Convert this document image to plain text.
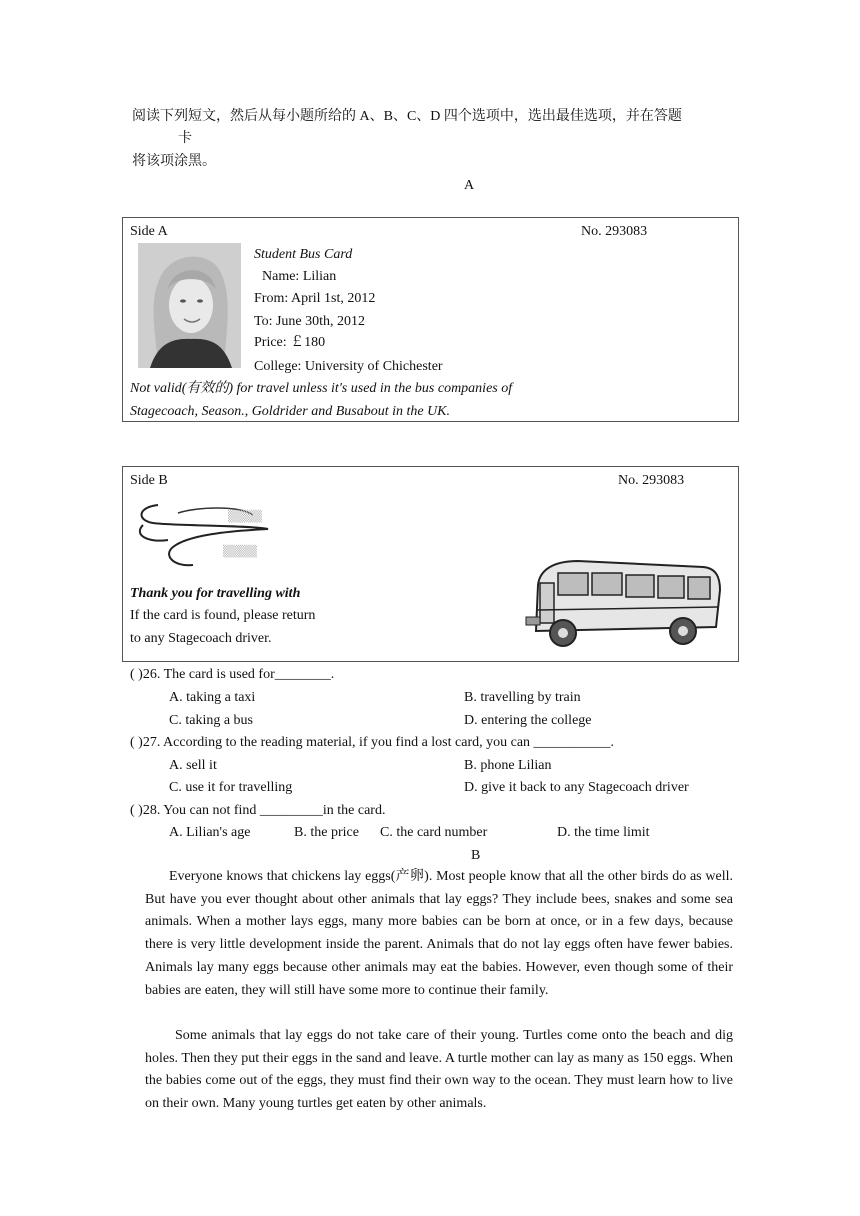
阅读下列短文，然后从每小题所给的 A、B、C、D 四个选项中，选出最佳选项，并在答题
卡
将该项涂黑。
A
Side A	No. 293083
Student Bus Card
Name: Lilian
From: April 1st, 2012
To: June 30th, 2012
Price: ￡180
College: University of Chichester
Not valid(有效的) for travel unless it's used in the bus companies of
Stagecoach, Season., Goldrider and Busabout in the UK.
Side B	No. 293083
▒▒▒▒
▒▒▒▒
Thank you for travelling with
If the card is found, please return
to any Stagecoach driver.
( )26. The card is used for________.
A. taking a taxi	B. travelling by train
C. taking a bus	D. entering the college
( )27. According to the reading material, if you find a lost card, you can ___________.
A. sell it	B. phone Lilian
C. use it for travelling	D. give it back to any Stagecoach driver
( )28. You can not find _________in the card.
A. Lilian's age	B. the price C. the card number	D. the time limit
B
Everyone knows that chickens lay eggs(产卵). Most people know that all the other birds do as well. But have you ever thought about other animals that lay eggs? They include bees, snakes and some sea animals. When a mother lays eggs, many more babies can be born at once, or in a few days, because there is very little development inside the parent. Animals that do not lay eggs often have fewer babies. Animals lay many eggs because other animals may eat the babies. However, even though some of their babies are eaten, they will still have some more to continue their family.
Some animals that lay eggs do not take care of their young. Turtles come onto the beach and dig holes. Then they put their eggs in the sand and leave. A turtle mother can lay as many as 150 eggs. When the babies come out of the eggs, they must find their own way to the ocean. They must learn how to live on their own. Many young turtles get eaten by other animals.
